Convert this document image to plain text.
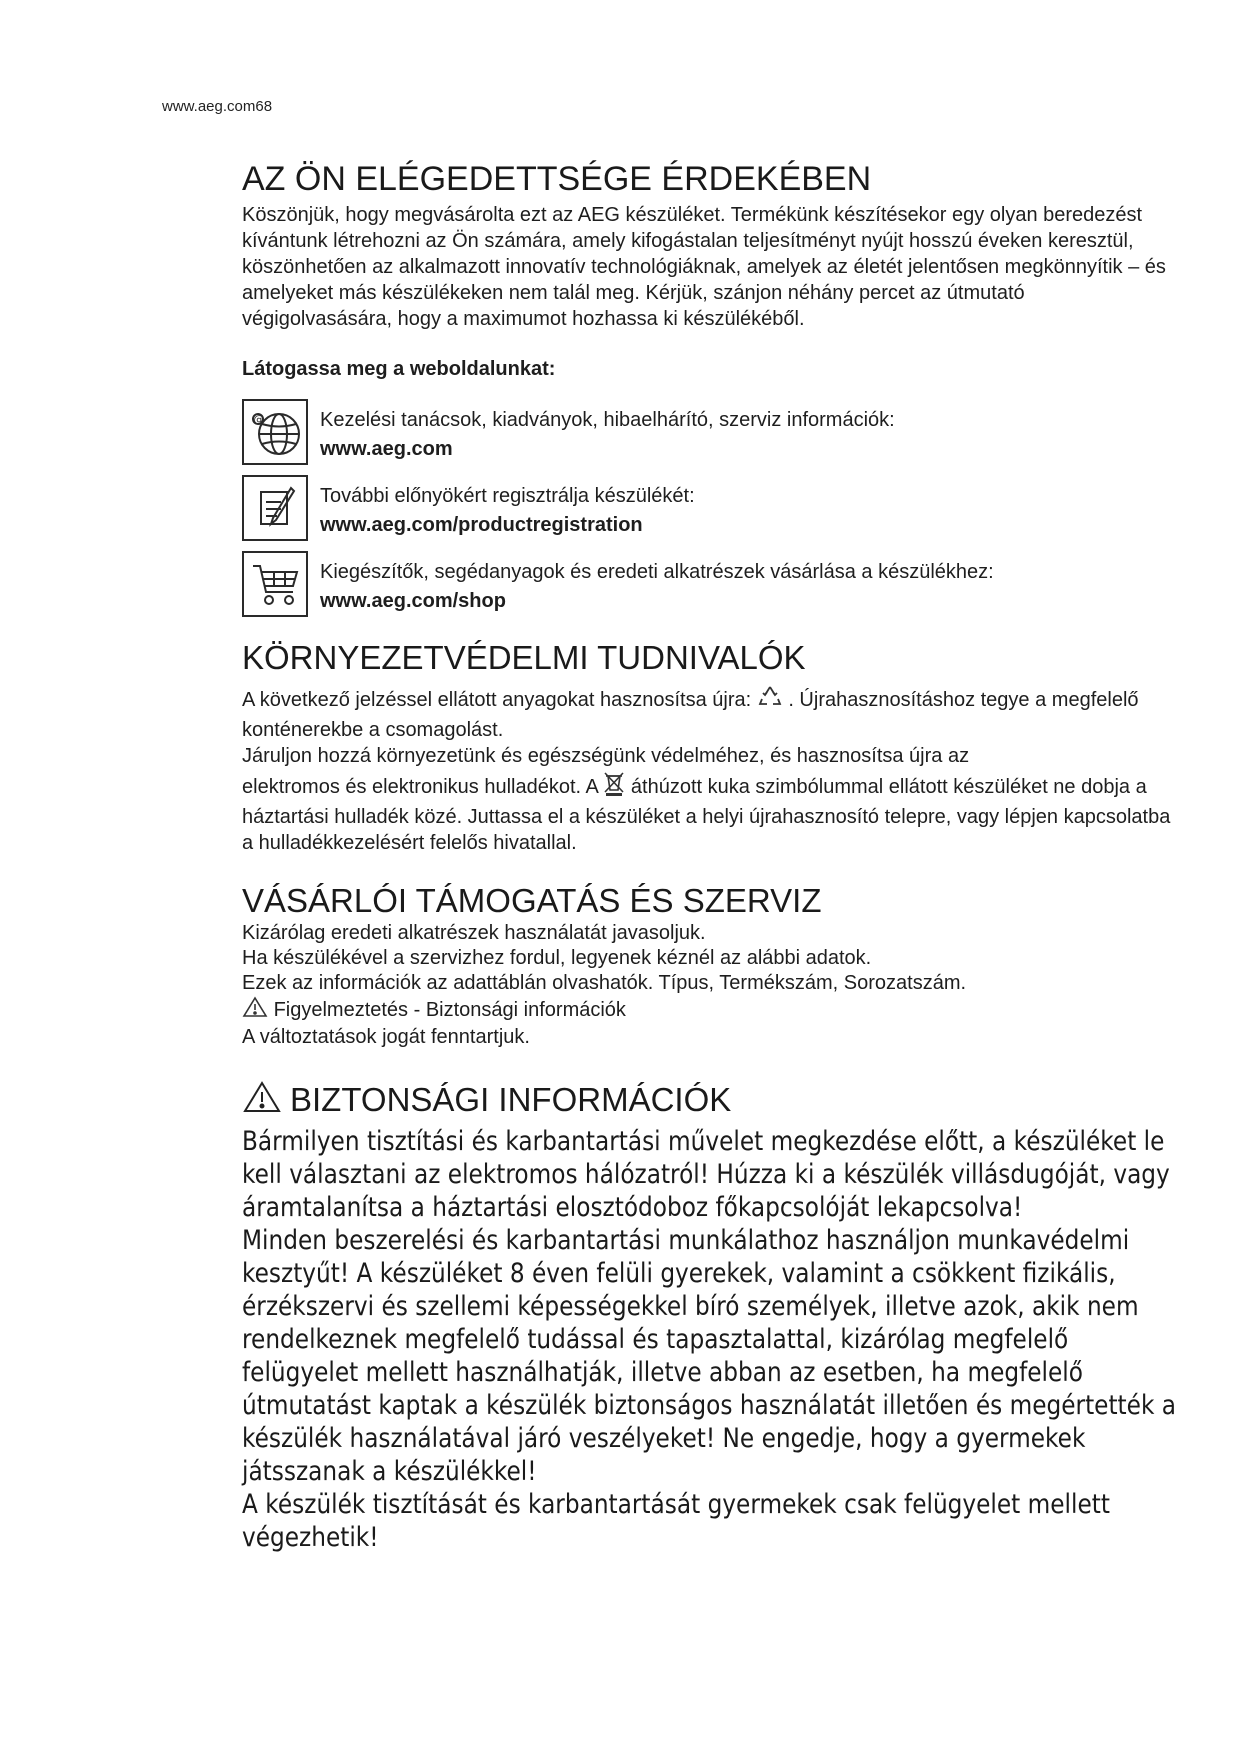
www.aeg.com68
AZ ÖN ELÉGEDETTSÉGE ÉRDEKÉBEN

Köszönjük, hogy megvásárolta ezt az AEG készüléket. Termékünk készítésekor egy olyan beredezést kívántunk létrehozni az Ön számára, amely kifogástalan teljesítményt nyújt hosszú éveken keresztül, köszönhetően az alkalmazott innovatív technológiáknak, amelyek az életét jelentősen megkönnyítik – és amelyeket más készülékeken nem talál meg. Kérjük, szánjon néhány percet az útmutató végigolvasására, hogy a maximumot hozhassa ki készülékéből.

Látogassa meg a weboldalunkat:
@	Kezelési tanácsok, kiadványok, hibaelhárító, szerviz információk:
www.aeg.com
További előnyökért regisztrálja készülékét:
www.aeg.com/productregistration
Kiegészítők, segédanyagok és eredeti alkatrészek vásárlása a készülékhez:
www.aeg.com/shop
KÖRNYEZETVÉDELMI TUDNIVALÓK

A következő jelzéssel ellátott anyagokat hasznosítsa újra: . Újrahasznosításhoz tegye a megfelelő konténerekbe a csomagolást.

Járuljon hozzá környezetünk és egészségünk védelméhez, és hasznosítsa újra az

elektromos és elektronikus hulladékot. A áthúzott kuka szimbólummal ellátott készüléket ne dobja a háztartási hulladék közé. Juttassa el a készüléket a helyi újrahasznosító telepre, vagy lépjen kapcsolatba a hulladékkezelésért felelős hivatallal.

VÁSÁRLÓI TÁMOGATÁS ÉS SZERVIZ

Kizárólag eredeti alkatrészek használatát javasoljuk.

Ha készülékével a szervizhez fordul, legyenek kéznél az alábbi adatok.

Ezek az információk az adattáblán olvashatók. Típus, Termékszám, Sorozatszám.

Figyelmeztetés - Biztonsági információk

A változtatások jogát fenntartjuk.

BIZTONSÁGI INFORMÁCIÓK
Bármilyen tisztítási és karbantartási művelet megkezdése előtt, a készüléket le kell választani az elektromos hálózatról! Húzza ki a készülék villásdugóját, vagy áramtalanítsa a háztartási elosztódoboz főkapcsolóját lekapcsolva!
Minden beszerelési és karbantartási munkálathoz használjon munkavédelmi kesztyűt! A készüléket 8 éven felüli gyerekek, valamint a csökkent fizikális, érzékszervi és szellemi képességekkel bíró személyek, illetve azok, akik nem rendelkeznek megfelelő tudással és tapasztalattal, kizárólag megfelelő felügyelet mellett használhatják, illetve abban az esetben, ha megfelelő útmutatást kaptak a készülék biztonságos használatát illetően és megértették a készülék használatával járó veszélyeket! Ne engedje, hogy a gyermekek játsszanak a készülékkel!
A készülék tisztítását és karbantartását gyermekek csak felügyelet mellett végezhetik!
